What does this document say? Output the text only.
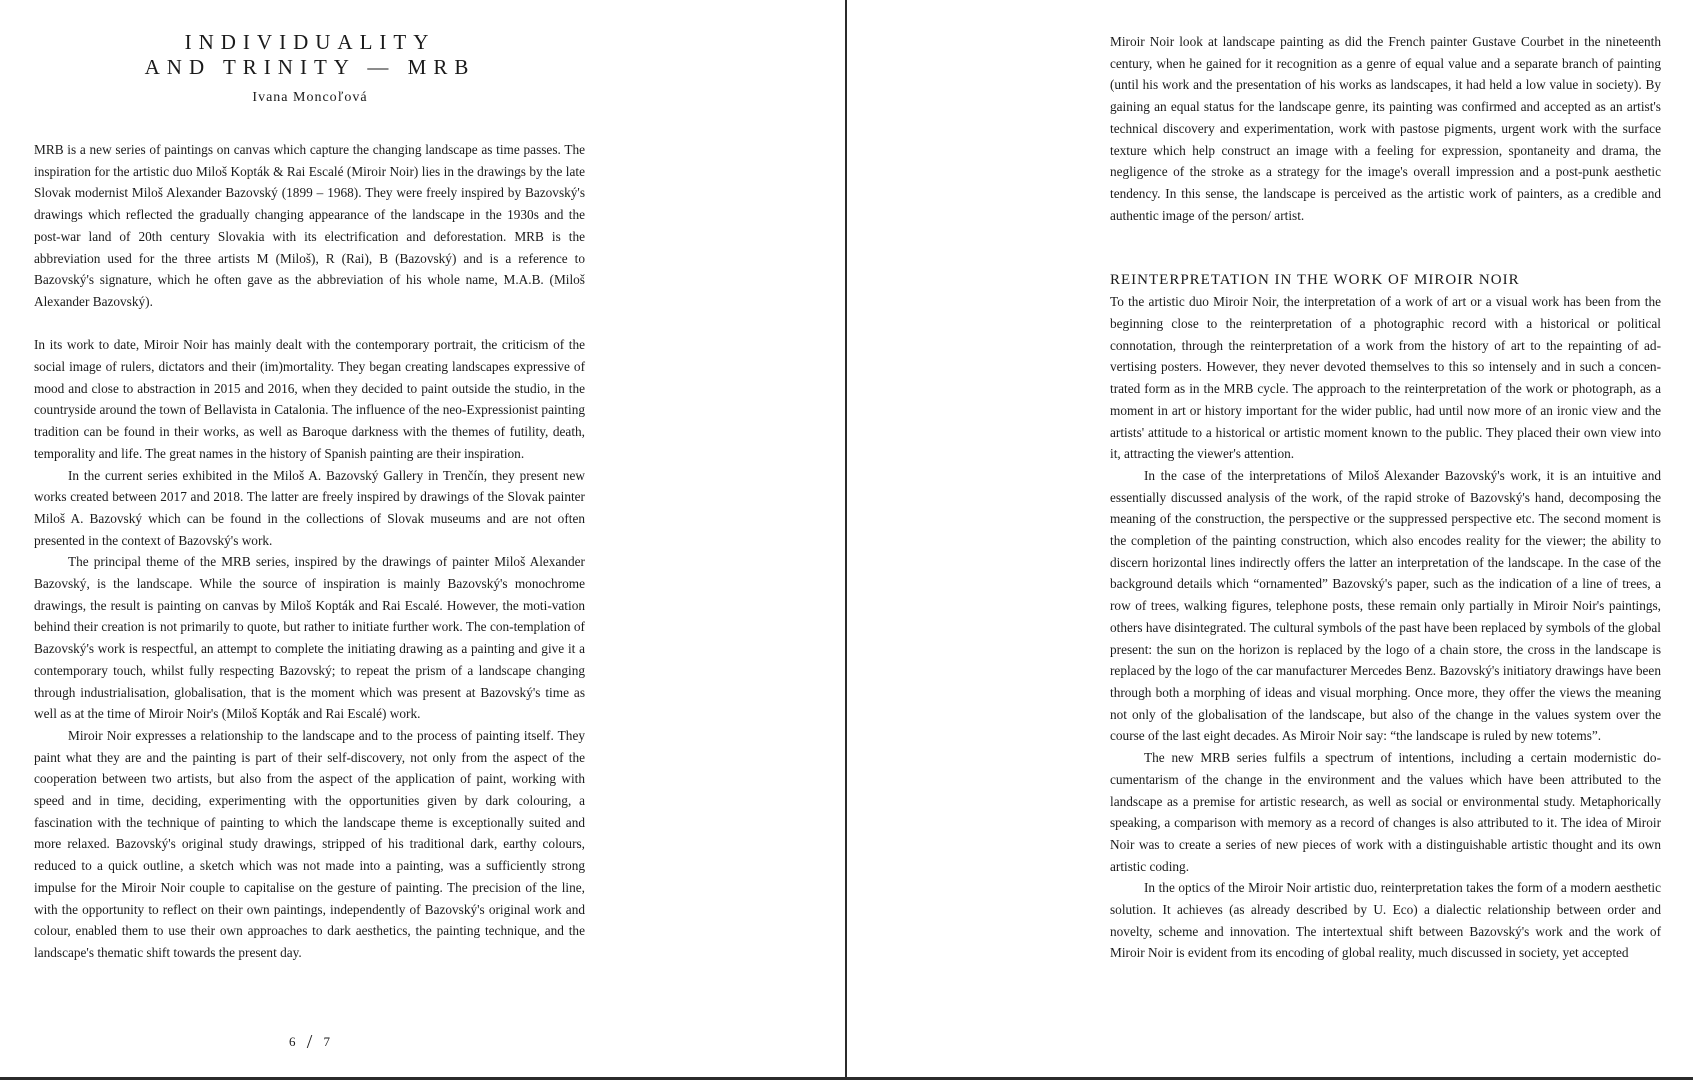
INDIVIDUALITY
AND TRINITY — MRB
Ivana Moncoľová

MRB is a new series of paintings on canvas which capture the changing landscape as time passes. The inspiration for the artistic duo Miloš Kopták & Rai Escalé (Miroir Noir) lies in the drawings by the late Slovak modernist Miloš Alexander Bazovský (1899 – 1968). They were freely inspired by Bazovský's drawings which reflected the gradually changing appearance of the landscape in the 1930s and the post-war land of 20th century Slovakia with its electrification and deforestation. MRB is the abbreviation used for the three artists M (Miloš), R (Rai), B (Bazovský) and is a reference to Bazovský's signature, which he often gave as the abbreviation of his whole name, M.A.B. (Miloš Alexander Bazovský).

In its work to date, Miroir Noir has mainly dealt with the contemporary portrait, the criticism of the social image of rulers, dictators and their (im)mortality. They began creating landscapes expressive of mood and close to abstraction in 2015 and 2016, when they decided to paint outside the studio, in the countryside around the town of Bellavista in Catalonia. The influence of the neo-Expressionist painting tradition can be found in their works, as well as Baroque darkness with the themes of futility, death, temporality and life. The great names in the history of Spanish painting are their inspiration.

In the current series exhibited in the Miloš A. Bazovský Gallery in Trenčín, they present new works created between 2017 and 2018. The latter are freely inspired by drawings of the Slovak painter Miloš A. Bazovský which can be found in the collections of Slovak museums and are not often presented in the context of Bazovský's work.

The principal theme of the MRB series, inspired by the drawings of painter Miloš Alexander Bazovský, is the landscape. While the source of inspiration is mainly Bazovský's monochrome drawings, the result is painting on canvas by Miloš Kopták and Rai Escalé. However, the moti-vation behind their creation is not primarily to quote, but rather to initiate further work. The con-templation of Bazovský's work is respectful, an attempt to complete the initiating drawing as a painting and give it a contemporary touch, whilst fully respecting Bazovský; to repeat the prism of a landscape changing through industrialisation, globalisation, that is the moment which was present at Bazovský's time as well as at the time of Miroir Noir's (Miloš Kopták and Rai Escalé) work.

Miroir Noir expresses a relationship to the landscape and to the process of painting itself. They paint what they are and the painting is part of their self-discovery, not only from the aspect of the cooperation between two artists, but also from the aspect of the application of paint, working with speed and in time, deciding, experimenting with the opportunities given by dark colouring, a fascination with the technique of painting to which the landscape theme is exceptionally suited and more relaxed. Bazovský's original study drawings, stripped of his traditional dark, earthy colours, reduced to a quick outline, a sketch which was not made into a painting, was a sufficiently strong impulse for the Miroir Noir couple to capitalise on the gesture of painting. The precision of the line, with the opportunity to reflect on their own paintings, independently of Bazovský's original work and colour, enabled them to use their own approaches to dark aesthetics, the painting technique, and the landscape's thematic shift towards the present day.

6 / 7

Miroir Noir look at landscape painting as did the French painter Gustave Courbet in the nineteenth century, when he gained for it recognition as a genre of equal value and a separate branch of painting (until his work and the presentation of his works as landscapes, it had held a low value in society). By gaining an equal status for the landscape genre, its painting was confirmed and accepted as an artist's technical discovery and experimentation, work with pastose pigments, urgent work with the surface texture which help construct an image with a feeling for expression, spontaneity and drama, the negligence of the stroke as a strategy for the image's overall impression and a post-punk aesthetic tendency. In this sense, the landscape is perceived as the artistic work of painters, as a credible and authentic image of the person/ artist.

REINTERPRETATION IN THE WORK OF MIROIR NOIR

To the artistic duo Miroir Noir, the interpretation of a work of art or a visual work has been from the beginning close to the reinterpretation of a photographic record with a historical or political connotation, through the reinterpretation of a work from the history of art to the repainting of ad-vertising posters. However, they never devoted themselves to this so intensely and in such a concen-trated form as in the MRB cycle. The approach to the reinterpretation of the work or photograph, as a moment in art or history important for the wider public, had until now more of an ironic view and the artists' attitude to a historical or artistic moment known to the public. They placed their own view into it, attracting the viewer's attention.

In the case of the interpretations of Miloš Alexander Bazovský's work, it is an intuitive and essentially discussed analysis of the work, of the rapid stroke of Bazovský's hand, decomposing the meaning of the construction, the perspective or the suppressed perspective etc. The second moment is the completion of the painting construction, which also encodes reality for the viewer; the ability to discern horizontal lines indirectly offers the latter an interpretation of the landscape. In the case of the background details which “ornamented” Bazovský's paper, such as the indication of a line of trees, a row of trees, walking figures, telephone posts, these remain only partially in Miroir Noir's paintings, others have disintegrated. The cultural symbols of the past have been replaced by symbols of the global present: the sun on the horizon is replaced by the logo of a chain store, the cross in the landscape is replaced by the logo of the car manufacturer Mercedes Benz. Bazovský's initiatory drawings have been through both a morphing of ideas and visual morphing. Once more, they offer the views the meaning not only of the globalisation of the landscape, but also of the change in the values system over the course of the last eight decades. As Miroir Noir say: “the landscape is ruled by new totems”.

The new MRB series fulfils a spectrum of intentions, including a certain modernistic do-cumentarism of the change in the environment and the values which have been attributed to the landscape as a premise for artistic research, as well as social or environmental study. Metaphorically speaking, a comparison with memory as a record of changes is also attributed to it. The idea of Miroir Noir was to create a series of new pieces of work with a distinguishable artistic thought and its own artistic coding.

In the optics of the Miroir Noir artistic duo, reinterpretation takes the form of a modern aesthetic solution. It achieves (as already described by U. Eco) a dialectic relationship between order and novelty, scheme and innovation. The intertextual shift between Bazovský's work and the work of Miroir Noir is evident from its encoding of global reality, much discussed in society, yet accepted
